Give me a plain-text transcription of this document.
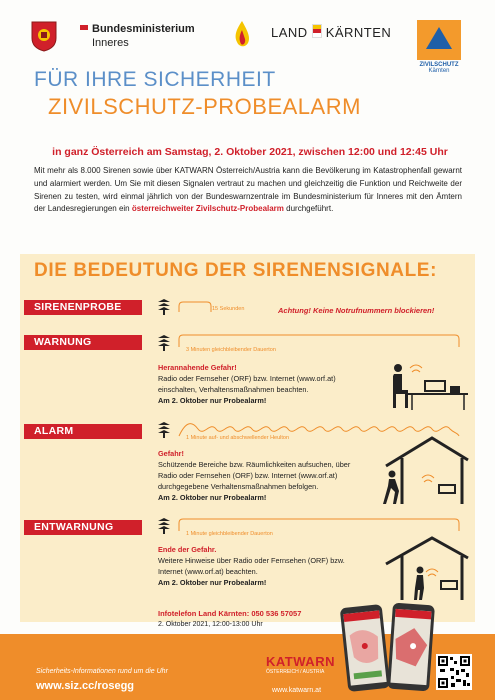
Bundesministerium
Inneres
LAND KÄRNTEN
ZIVILSCHUTZ
Kärnten
FÜR IHRE SICHERHEIT
ZIVILSCHUTZ-PROBEALARM
in ganz Österreich am Samstag, 2. Oktober 2021, zwischen 12:00 und 12:45 Uhr
Mit mehr als 8.000 Sirenen sowie über KATWARN Österreich/Austria kann die Bevölkerung im Katastrophenfall gewarnt und alarmiert werden. Um Sie mit diesen Signalen vertraut zu machen und gleichzeitig die Funktion und Reichweite der Sirenen zu testen, wird einmal jährlich von der Bundeswarnzentrale im Bundesministerium für Inneres mit den Ämtern der Landesregierungen ein österreichweiter Zivilschutz-Probealarm durchgeführt.
DIE BEDEUTUNG DER SIRENENSIGNALE:
SIRENENPROBE	15 Sekunden	Achtung! Keine Notrufnummern blockieren!
WARNUNG
3 Minuten gleichbleibender Dauerton
Herannahende Gefahr!
Radio oder Fernseher (ORF) bzw. Internet (www.orf.at) einschalten, Verhaltensmaßnahmen beachten.
Am 2. Oktober nur Probealarm!
ALARM
1 Minute auf- und abschwellender Heulton
Gefahr!
Schützende Bereiche bzw. Räumlichkeiten aufsuchen, über Radio oder Fernsehen (ORF) bzw. Internet (www.orf.at) durchgegebene Verhaltensmaßnahmen befolgen.
Am 2. Oktober nur Probealarm!
ENTWARNUNG
1 Minute gleichbleibender Dauerton
Ende der Gefahr.
Weitere Hinweise über Radio oder Fernsehen (ORF) bzw. Internet (www.orf.at) beachten.
Am 2. Oktober nur Probealarm!
Infotelefon Land Kärnten: 050 536 57057
2. Oktober 2021, 12:00-13:00 Uhr
Sicherheits-Informationen rund um die Uhr
www.siz.cc/rosegg
KATWARN
ÖSTERREICH / AUSTRIA
www.katwarn.at
